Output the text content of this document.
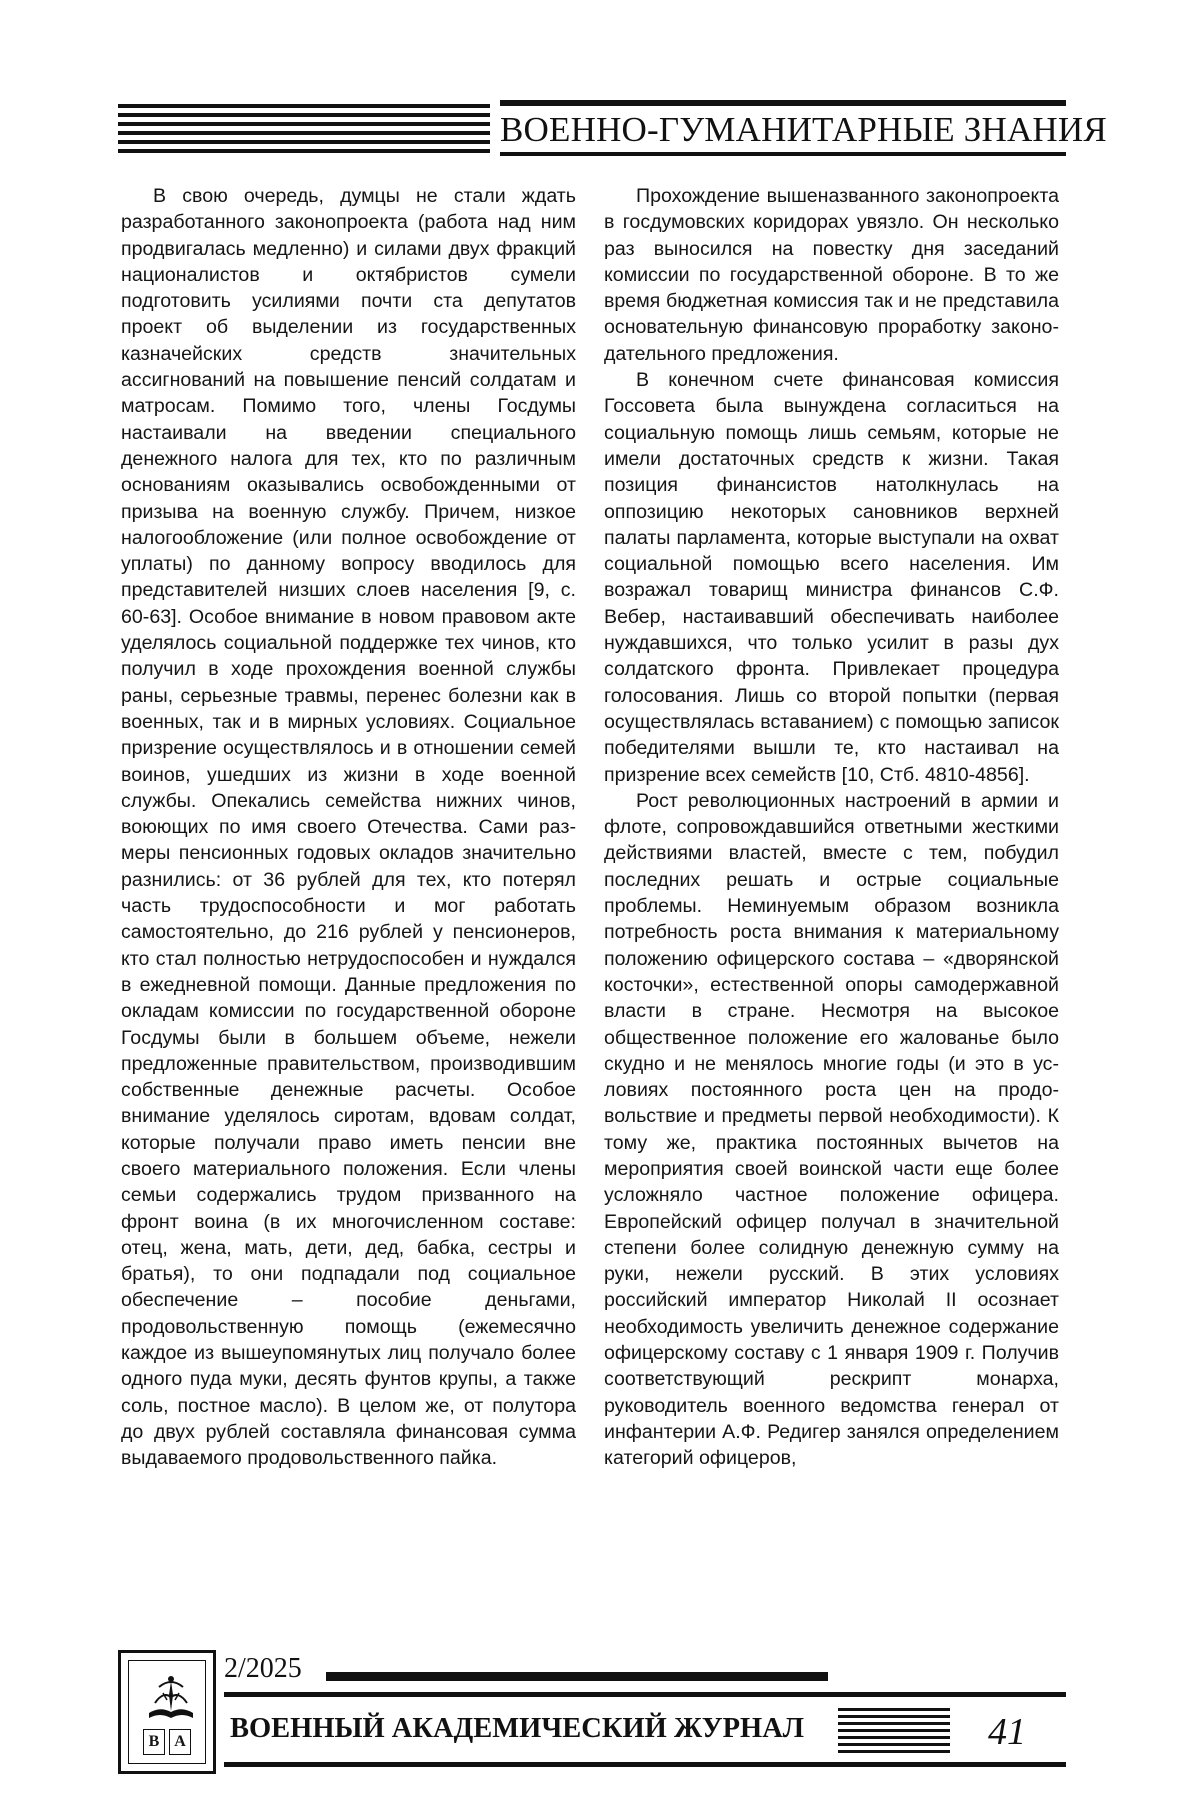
ВОЕННО-ГУМАНИТАРНЫЕ ЗНАНИЯ

В свою очередь, думцы не стали ждать разработанного законопроекта (работа над ним продвигалась медленно) и силами двух фракций националистов и октябристов сумели подготовить усилиями почти ста депутатов проект об выделении из государственных казначейских средств значительных ассигнований на повышение пенсий солдатам и матросам. Помимо того, члены Госдумы настаивали на введении специального денежного налога для тех, кто по различным основаниям оказывались освобожденными от призыва на военную службу. Причем, низкое налогообложение (или полное освобождение от уплаты) по данному вопросу вводилось для представителей низших слоев населения [9, с. 60-63]. Особое внимание в новом правовом акте уделялось социальной поддержке тех чинов, кто получил в ходе прохождения военной службы раны, серьезные травмы, перенес болезни как в военных, так и в мирных условиях. Социальное призрение осуществлялось и в отношении семей воинов, ушедших из жизни в ходе военной службы. Опекались семейства нижних чинов, воюющих по имя своего Отечества. Сами размеры пенсионных годовых окладов значительно разнились: от 36 рублей для тех, кто потерял часть трудоспособности и мог работать самостоятельно, до 216 рублей у пенсионеров, кто стал полностью нетрудоспособен и нуждался в ежедневной помощи. Данные предложения по окладам комиссии по государственной обороне Госдумы были в большем объеме, нежели предложенные правительством, производившим собственные денежные расчеты. Особое внимание уделялось сиротам, вдовам солдат, которые получали право иметь пенсии вне своего материального положения. Если члены семьи содержались трудом призванного на фронт воина (в их многочисленном составе: отец, жена, мать, дети, дед, бабка, сестры и братья), то они подпадали под социальное обеспечение – пособие деньгами, продовольственную помощь (ежемесячно каждое из вышеупомянутых лиц получало более одного пуда муки, десять фунтов крупы, а также соль, постное масло). В целом же, от полутора до двух рублей составляла финансовая сумма выдаваемого продовольственного пайка.

Прохождение вышеназванного законопроекта в госдумовских коридорах увязло. Он несколько раз выносился на повестку дня заседаний комиссии по государственной обороне. В то же время бюджетная комиссия так и не представила основательную финансовую проработку законодательного предложения.

В конечном счете финансовая комиссия Госсовета была вынуждена согласиться на социальную помощь лишь семьям, которые не имели достаточных средств к жизни. Такая позиция финансистов натолкнулась на оппозицию некоторых сановников верхней палаты парламента, которые выступали на охват социальной помощью всего населения. Им возражал товарищ министра финансов С.Ф. Вебер, настаивавший обеспечивать наиболее нуждавшихся, что только усилит в разы дух солдатского фронта. Привлекает процедура голосования. Лишь со второй попытки (первая осуществлялась вставанием) с помощью записок победителями вышли те, кто настаивал на призрение всех семейств [10, Стб. 4810-4856].

Рост революционных настроений в армии и флоте, сопровождавшийся ответными жесткими действиями властей, вместе с тем, побудил последних решать и острые социальные проблемы. Неминуемым образом возникла потребность роста внимания к материальному положению офицерского состава – «дворянской косточки», естественной опоры самодержавной власти в стране. Несмотря на высокое общественное положение его жалованье было скудно и не менялось многие годы (и это в условиях постоянного роста цен на продовольствие и предметы первой необходимости). К тому же, практика постоянных вычетов на мероприятия своей воинской части еще более усложняло частное положение офицера. Европейский офицер получал в значительной степени более солидную денежную сумму на руки, нежели русский. В этих условиях российский император Николай II осознает необходимость увеличить денежное содержание офицерскому составу с 1 января 1909 г. Получив соответствующий рескрипт монарха, руководитель военного ведомства генерал от инфантерии А.Ф. Редигер занялся определением категорий офицеров,

В А
2/2025
ВОЕННЫЙ АКАДЕМИЧЕСКИЙ ЖУРНАЛ	41
